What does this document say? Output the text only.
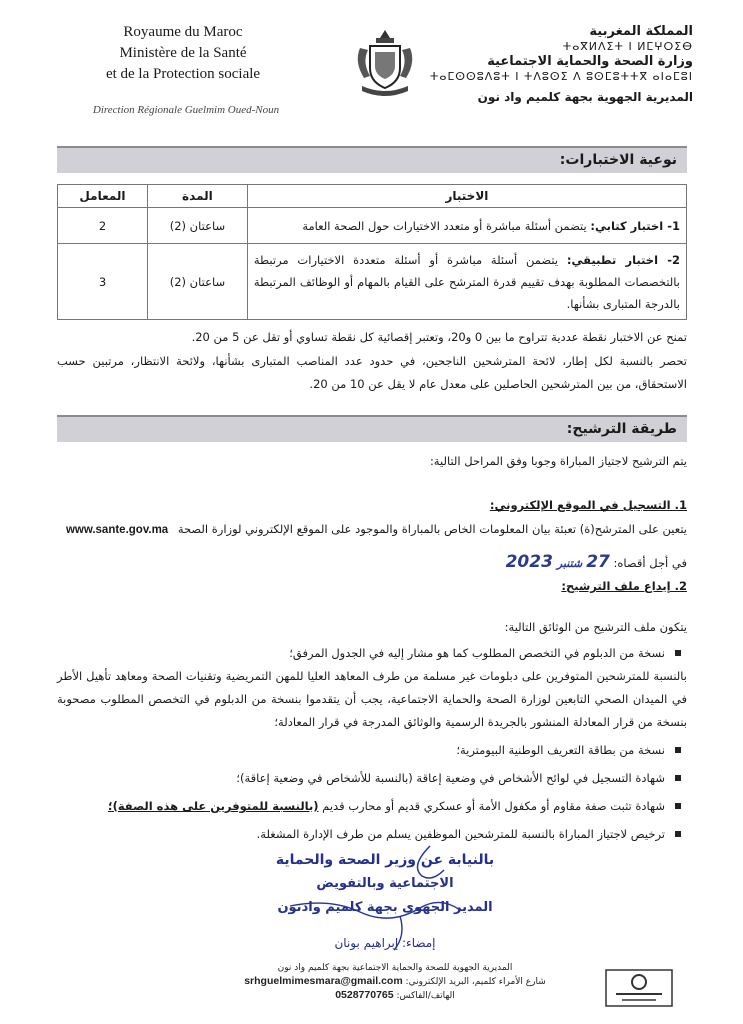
Royaume du Maroc
Ministère de la Santé
et de la Protection sociale
Direction Régionale Guelmim Oued-Noun
المملكة المغربية
ⵜⴰⴳⵍⴷⵉⵜ ⵏ ⵍⵎⵖⵔⵉⴱ
وزارة الصحة والحماية الاجتماعية
ⵜⴰⵎⵙⵙⵓⴷⵓⵜ ⵏ ⵜⴷⵓⵙⵉ ⴷ ⵓⵙⵎⵓⵜⵜⴳ ⴰⵏⴰⵎⵓⵏ
المديرية الجهوية بجهة كلميم واد نون
نوعية الاختبارات:
الاختبار	المدة	المعامل
1- اختبار كتابي: يتضمن أسئلة مباشرة أو متعدد الاختيارات حول الصحة العامة	ساعتان (2)	2
2- اختبار تطبيقي: يتضمن أسئلة مباشرة أو أسئلة متعددة الاختيارات مرتبطة بالتخصصات المطلوبة بهدف تقييم قدرة المترشح على القيام بالمهام أو الوظائف المرتبطة بالدرجة المتبارى بشأنها.	ساعتان (2)	3
تمنح عن الاختبار نقطة عددية تتراوح ما بين 0 و20، وتعتبر إقصائية كل نقطة تساوي أو تقل عن 5 من 20.
تحصر بالنسبة لكل إطار، لائحة المترشحين الناجحين، في حدود عدد المناصب المتبارى بشأنها، ولائحة الانتظار، مرتبين حسب الاستحقاق، من بين المترشحين الحاصلين على معدل عام لا يقل عن 10 من 20.
طريقة الترشيح:
يتم الترشيح لاجتياز المباراة وجوبا وفق المراحل التالية:
1. التسجيل في الموقع الإلكتروني:
يتعين على المترشح(ة) تعبئة بيان المعلومات الخاص بالمباراة والموجود على الموقع الإلكتروني لوزارة الصحة www.sante.gov.ma
في أجل أقصاه: 27 شتنبر 2023
2. إيداع ملف الترشيح:
يتكون ملف الترشيح من الوثائق التالية:
نسخة من الدبلوم في التخصص المطلوب كما هو مشار إليه في الجدول المرفق؛

بالنسبة للمترشحين المتوفرين على دبلومات غير مسلمة من طرف المعاهد العليا للمهن التمريضية وتقنيات الصحة ومعاهد تأهيل الأطر في الميدان الصحي التابعين لوزارة الصحة والحماية الاجتماعية، يجب أن يتقدموا بنسخة من الدبلوم في التخصص المطلوب مصحوبة بنسخة من قرار المعادلة المنشور بالجريدة الرسمية والوثائق المدرجة في قرار المعادلة؛
نسخة من بطاقة التعريف الوطنية البيومترية؛
شهادة التسجيل في لوائح الأشخاص في وضعية إعاقة (بالنسبة للأشخاص في وضعية إعاقة)؛
شهادة تثبت صفة مقاوم أو مكفول الأمة أو عسكري قديم أو محارب قديم (بالنسبة للمتوفرين على هذه الصفة)؛
ترخيص لاجتياز المباراة بالنسبة للمترشحين الموظفين يسلم من طرف الإدارة المشغلة.
بالنيابة عن وزير الصحة والحماية
الاجتماعية وبالتفويض
المدير الجهوي بجهة كلميم وادنون
إمضاء: إبراهيم بونان
المديرية الجهوية للصحة والحماية الاجتماعية بجهة كلميم واد نون
شارع الأمراء كلميم، البريد الإلكتروني: srhguelmimesmara@gmail.com
الهاتف/الفاكس: 0528770765
